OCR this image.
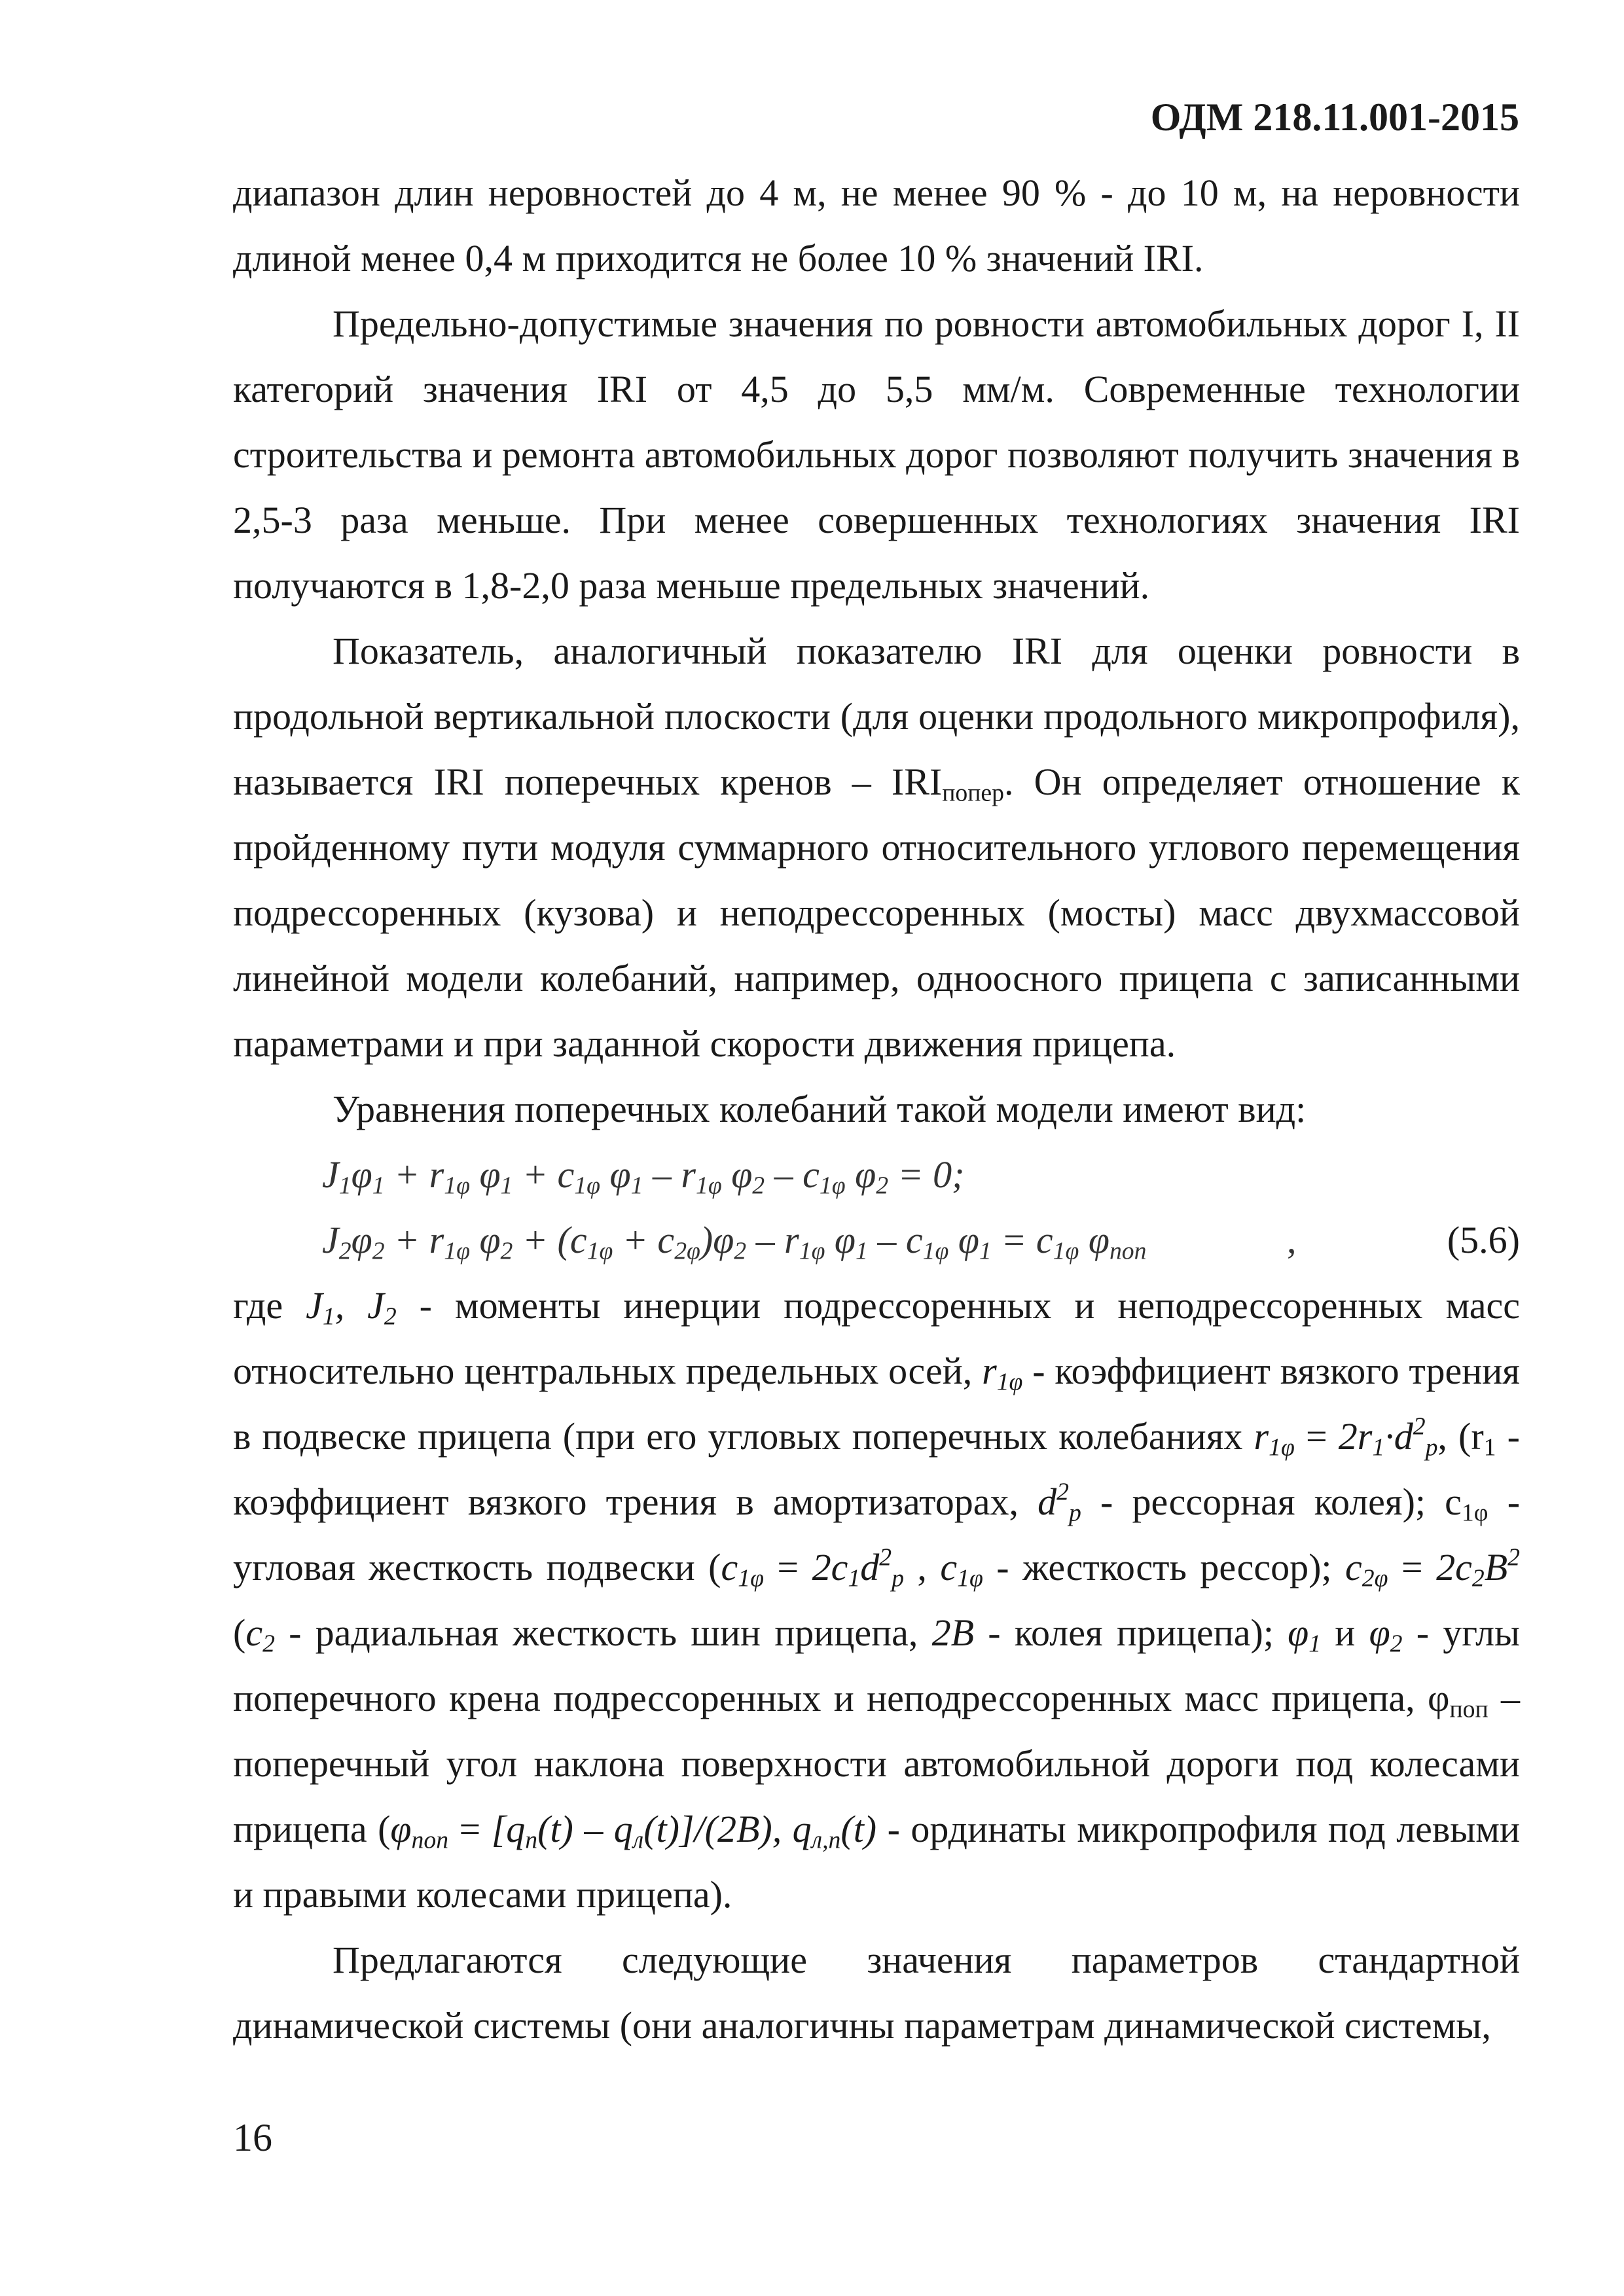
ОДМ 218.11.001-2015

диапазон длин неровностей до 4 м, не менее 90 % - до 10 м, на неровности длиной менее 0,4 м приходится не более 10 % значений IRI.

Предельно-допустимые значения по ровности автомобильных дорог I, II категорий значения IRI от 4,5 до 5,5 мм/м. Современные технологии строительства и ремонта автомобильных дорог позволяют получить значения в 2,5-3 раза меньше. При менее совершенных технологиях значения IRI получаются в 1,8-2,0 раза меньше предельных значений.

Показатель, аналогичный показателю IRI для оценки ровности в продольной вертикальной плоскости (для оценки продольного микропрофиля), называется IRI поперечных кренов – $IRI_{попер}$. Он определяет отношение к пройденному пути модуля суммарного относительного углового перемещения подрессоренных (кузова) и неподрессоренных (мосты) масс двухмассовой линейной модели колебаний, например, одноосного прицепа с записанными параметрами и при заданной скорости движения прицепа.

Уравнения поперечных колебаний такой модели имеют вид:

$J_1\varphi_1 + r_{1\varphi}$ $\varphi_1 + c_{1\varphi}$ $\varphi_1 - r_{1\varphi}$ $\varphi_2 - c_{1\varphi}$ $\varphi_2 = 0$;
$J_2\varphi_2 + r_{1\varphi}$ $\varphi_2 + (c_{1\varphi} + c_{2\varphi})\varphi_2 - r_{1\varphi}$ $\varphi_1 - c_{1\varphi}$ $\varphi_1 = c_{1\varphi}$ $\varphi_{поп}$	,	(5.6)

где $J_1$, $J_2$ - моменты инерции подрессоренных и неподрессоренных масс относительно центральных предельных осей, $r_{1\varphi}$ - коэффициент вязкого трения в подвеске прицепа (при его угловых поперечных колебаниях $r_{1\varphi} = 2r_1\cdot d^2_p$, ($r_1$ - коэффициент вязкого трения в амортизаторах, $d^2_p$ - рессорная колея); $c_{1\varphi}$ - угловая жесткость подвески ($c_{1\varphi} = 2c_1d^2_p$ , $c_{1\varphi}$ - жесткость рессор); $c_{2\varphi} = 2c_2B^2$ ($c_2$ - радиальная жесткость шин прицепа, 2B - колея прицепа); $\varphi_1$ и $\varphi_2$ - углы поперечного крена подрессоренных и неподрессоренных масс прицепа, $\varphi_{поп}$ – поперечный угол наклона поверхности автомобильной дороги под колесами прицепа ($\varphi_{поп} = [q_п(t) - q_л(t)]/(2B)$, $q_{л,п}(t)$ - ординаты микропрофиля под левыми и правыми колесами прицепа).

Предлагаются следующие значения параметров стандартной динамической системы (они аналогичны параметрам динамической системы,

16
